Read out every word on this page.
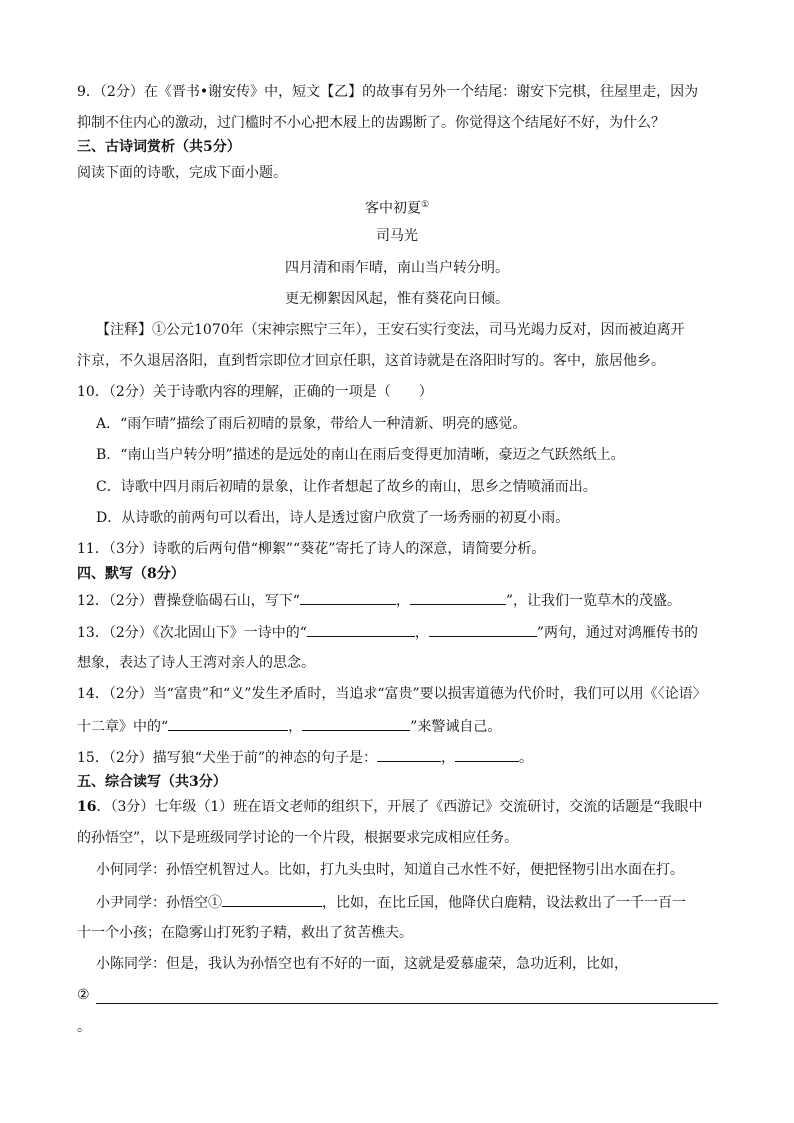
9．（2分）在《晋书•谢安传》中，短文【乙】的故事有另外一个结尾：谢安下完棋，往屋里走，因为
抑制不住内心的激动，过门槛时不小心把木屐上的齿踢断了。你觉得这个结尾好不好，为什么？
三、古诗词赏析（共5分）
阅读下面的诗歌，完成下面小题。
客中初夏①
司马光
四月清和雨乍晴，南山当户转分明。
更无柳絮因风起，惟有葵花向日倾。
【注释】①公元1070年（宋神宗熙宁三年），王安石实行变法，司马光竭力反对，因而被迫离开
汴京，不久退居洛阳，直到哲宗即位才回京任职，这首诗就是在洛阳时写的。客中，旅居他乡。
10．（2分）关于诗歌内容的理解，正确的一项是（　　）
A．“雨乍晴”描绘了雨后初晴的景象，带给人一种清新、明亮的感觉。
B．“南山当户转分明”描述的是远处的南山在雨后变得更加清晰，豪迈之气跃然纸上。
C．诗歌中四月雨后初晴的景象，让作者想起了故乡的南山，思乡之情喷涌而出。
D．从诗歌的前两句可以看出，诗人是透过窗户欣赏了一场秀丽的初夏小雨。
11．（3分）诗歌的后两句借“柳絮”“葵花”寄托了诗人的深意，请简要分析。
四、默写（8分）
12．（2分）曹操登临碣石山，写下“	，	”，让我们一览草木的茂盛。
13．（2分）《次北固山下》一诗中的“	，	”两句，通过对鸿雁传书的
想象，表达了诗人王湾对亲人的思念。
14．（2分）当“富贵”和“义”发生矛盾时，当追求“富贵”要以损害道德为代价时，我们可以用《〈论语〉
十二章》中的“	，	”来警诫自己。
15．（2分）描写狼“犬坐于前”的神态的句子是：	，	。
五、综合读写（共3分）
16．（3分）七年级（1）班在语文老师的组织下，开展了《西游记》交流研讨，交流的话题是“我眼中
的孙悟空”，以下是班级同学讨论的一个片段，根据要求完成相应任务。
小何同学：孙悟空机智过人。比如，打九头虫时，知道自己水性不好，便把怪物引出水面在打。
小尹同学：孙悟空①	，比如，在比丘国，他降伏白鹿精，设法救出了一千一百一
十一个小孩；在隐雾山打死豹子精，救出了贫苦樵夫。
小陈同学：但是，我认为孙悟空也有不好的一面，这就是爱慕虚荣，急功近利，比如，
②
。
